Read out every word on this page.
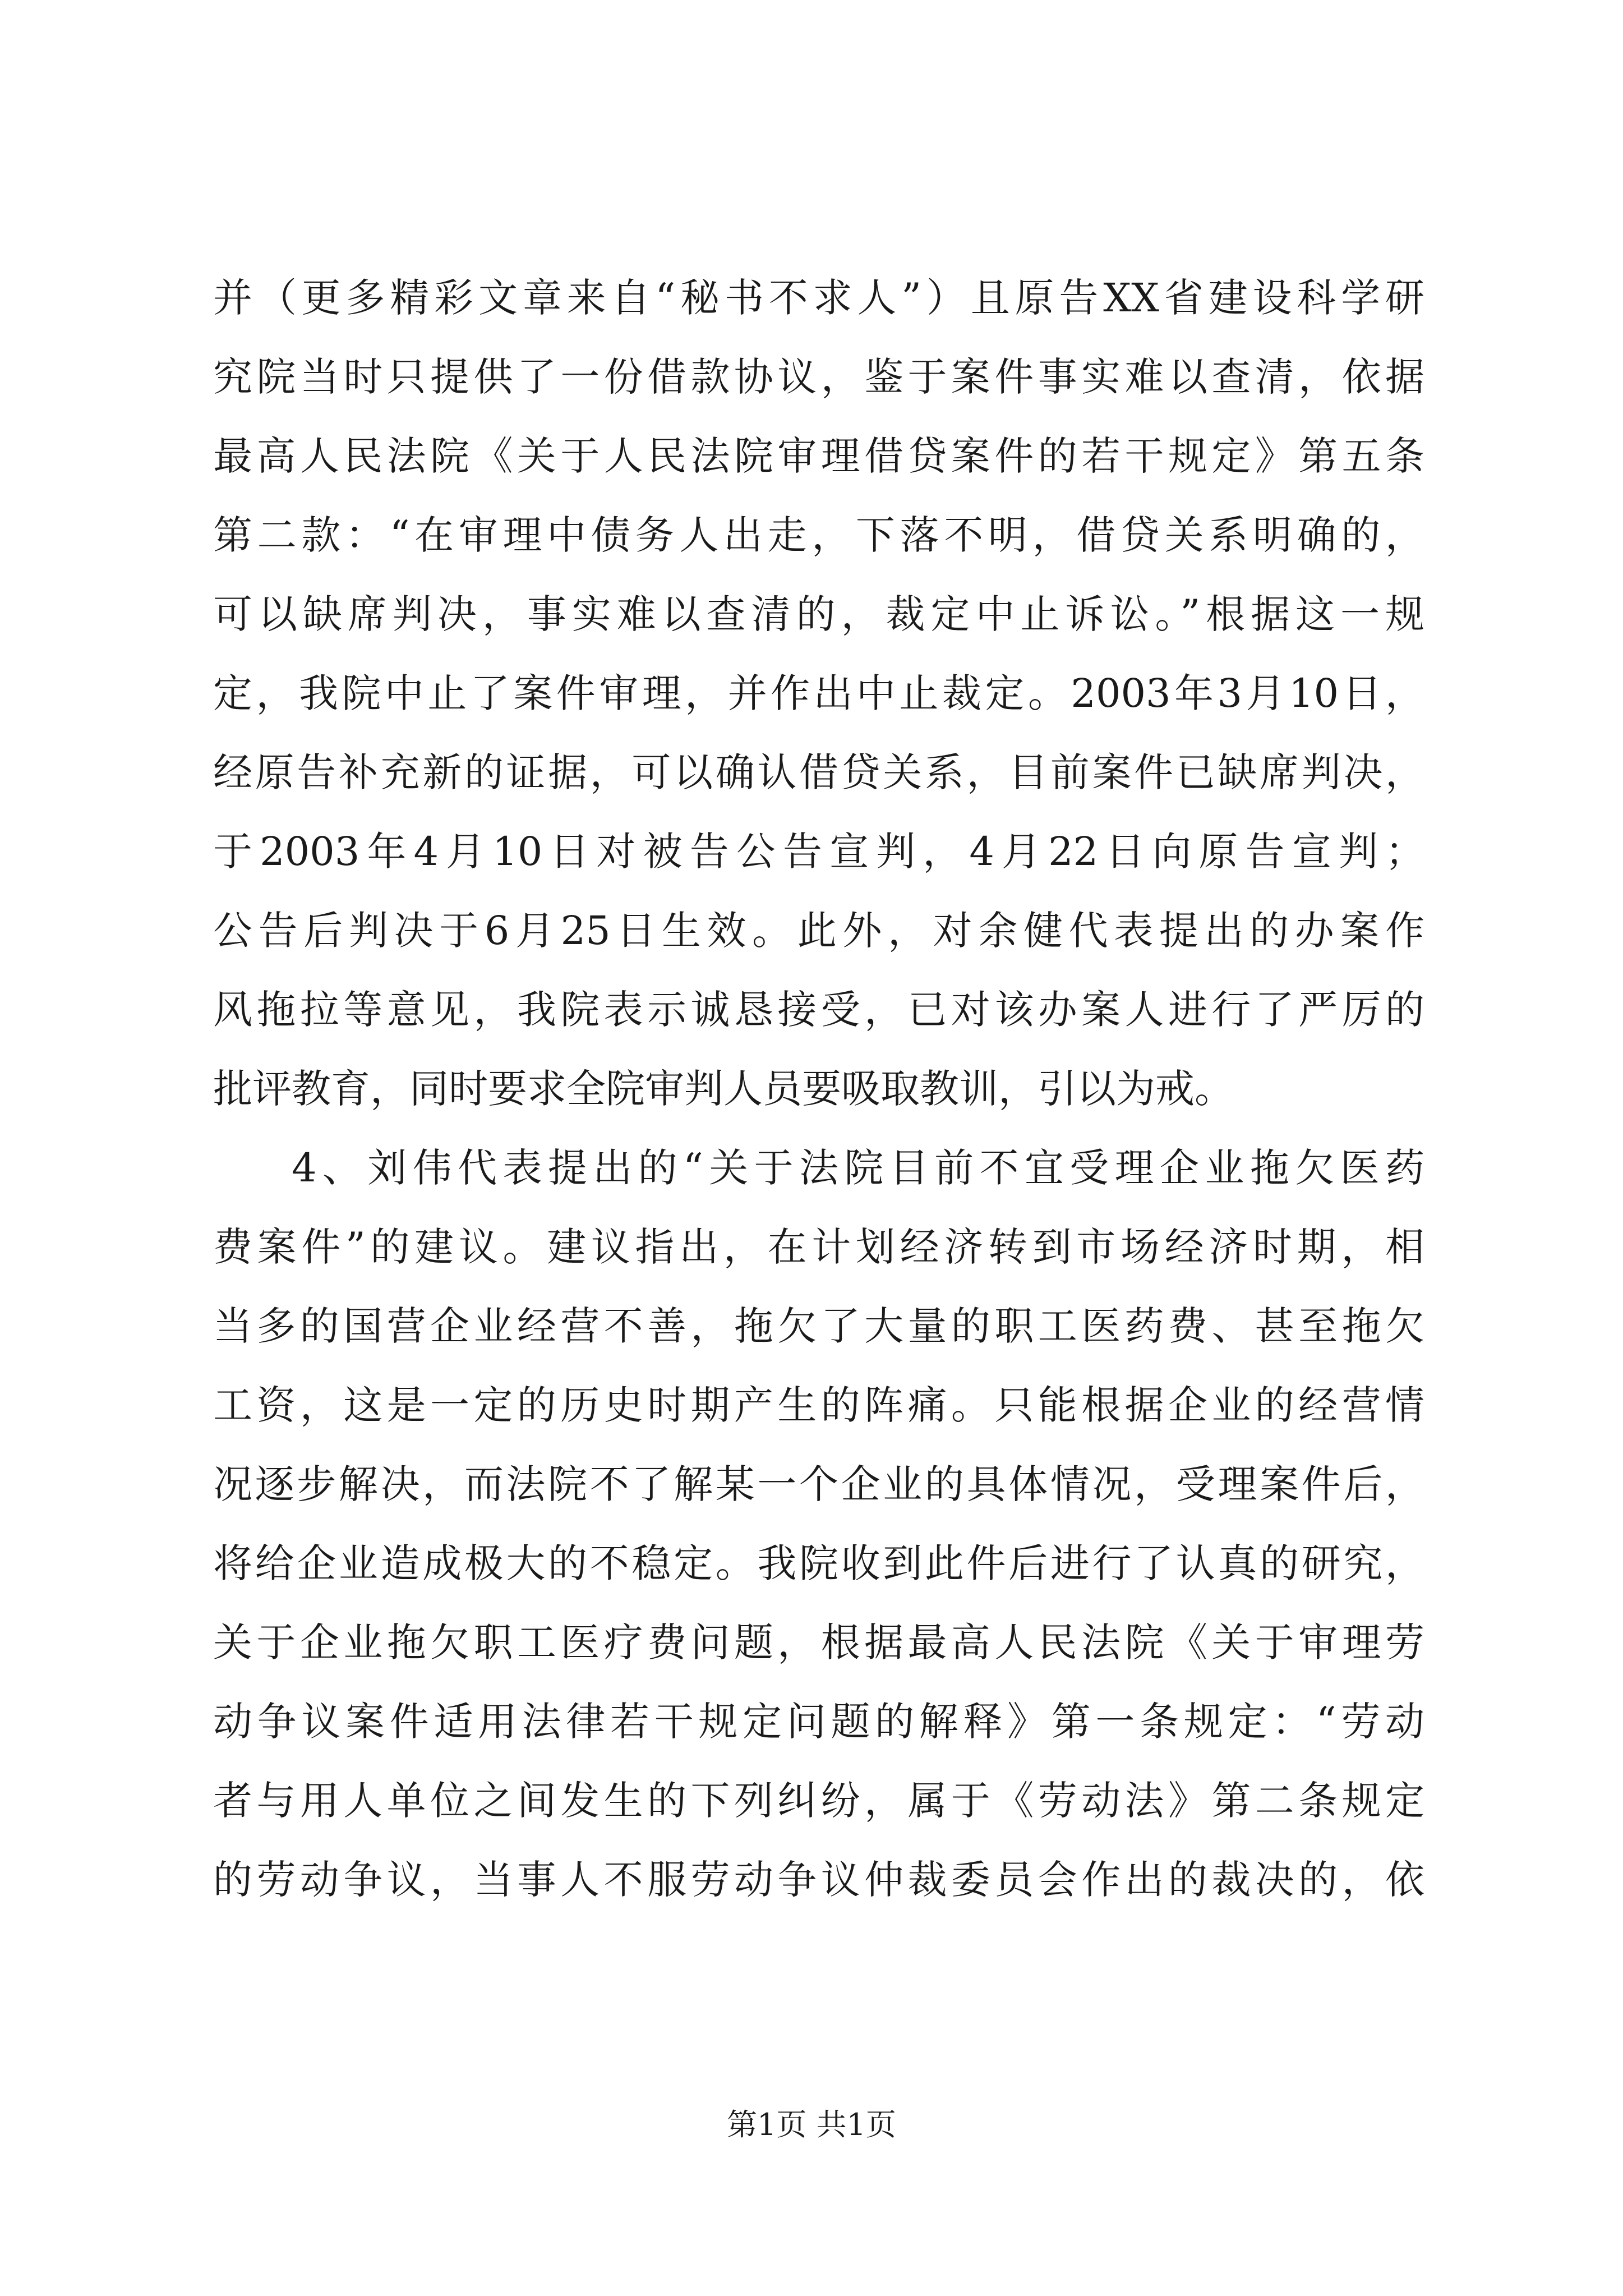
并（更多精彩文章来自“秘书不求人”）且原告XX省建设科学研
究院当时只提供了一份借款协议，鉴于案件事实难以查清，依据
最高人民法院《关于人民法院审理借贷案件的若干规定》第五条
第二款：“在审理中债务人出走，下落不明，借贷关系明确的，
可以缺席判决，事实难以查清的，裁定中止诉讼。”根据这一规
定，我院中止了案件审理，并作出中止裁定。2003年3月10日，
经原告补充新的证据，可以确认借贷关系，目前案件已缺席判决，
于2003年4月10日对被告公告宣判，4月22日向原告宣判；
公告后判决于6月25日生效。此外，对余健代表提出的办案作
风拖拉等意见，我院表示诚恳接受，已对该办案人进行了严厉的
批评教育，同时要求全院审判人员要吸取教训，引以为戒。
4、刘伟代表提出的“关于法院目前不宜受理企业拖欠医药
费案件”的建议。建议指出，在计划经济转到市场经济时期，相
当多的国营企业经营不善，拖欠了大量的职工医药费、甚至拖欠
工资，这是一定的历史时期产生的阵痛。只能根据企业的经营情
况逐步解决，而法院不了解某一个企业的具体情况，受理案件后，
将给企业造成极大的不稳定。我院收到此件后进行了认真的研究，
关于企业拖欠职工医疗费问题，根据最高人民法院《关于审理劳
动争议案件适用法律若干规定问题的解释》第一条规定：“劳动
者与用人单位之间发生的下列纠纷，属于《劳动法》第二条规定
的劳动争议，当事人不服劳动争议仲裁委员会作出的裁决的，依
第1页 共1页
